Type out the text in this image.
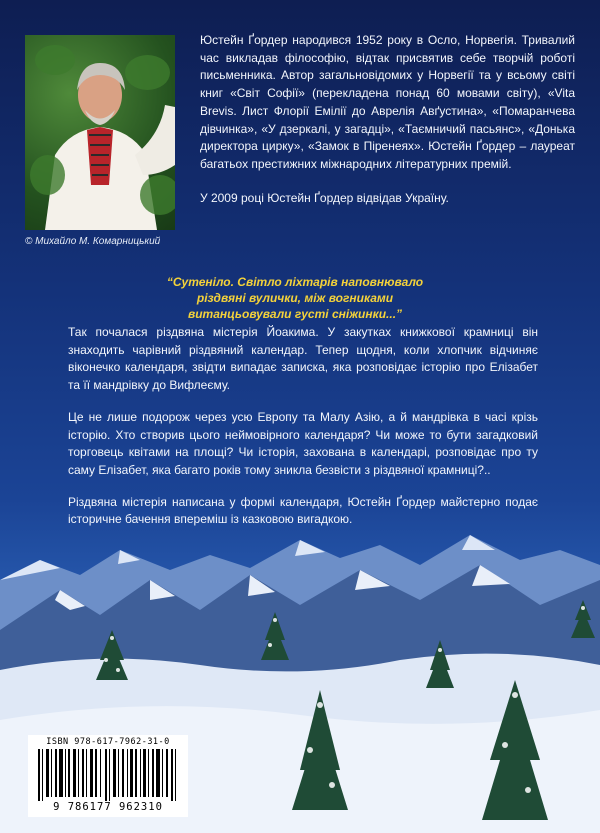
© Михайло М. Комарницький

Юстейн Ґордер народився 1952 року в Осло, Норвегія. Тривалий час викладав філософію, відтак присвятив себе творчій роботі письменника. Автор загальновідомих у Норвегії та у всьому світі книг «Світ Софії» (перекладена понад 60 мовами світу), «Vita Brevis. Лист Флорії Емілії до Аврелія Авґустина», «Помаранчева дівчинка», «У дзеркалі, у загадці», «Таємничий пасьянс», «Донька директора цирку», «Замок в Піренеях». Юстейн Ґордер – лауреат багатьох престижних міжнародних літературних премій.

У 2009 році Юстейн Ґордер відвідав Україну.

“Сутеніло. Світло ліхтарів наповнювало різдвяні вулички, між вогниками витанцьовували густі сніжинки...”

Так почалася різдвяна містерія Йоакима. У закутках книжкової крамниці він знаходить чарівний різдвяний календар. Тепер щодня, коли хлопчик відчиняє віконечко календаря, звідти випадає записка, яка розповідає історію про Елізабет та її мандрівку до Вифлеєму.

Це не лише подорож через усю Европу та Малу Азію, а й мандрівка в часі крізь історію. Хто створив цього неймовірного календаря? Чи може то бути загадковий торговець квітами на площі? Чи історія, захована в календарі, розповідає про ту саму Елізабет, яка багато років тому зникла безвісти з різдвяної крамниці?..

Різдвяна містерія написана у формі календаря, Юстейн Ґордер майстерно подає історичне бачення впереміш із казковою вигадкою.

ISBN 978-617-7962-31-0
9 786177 962310
